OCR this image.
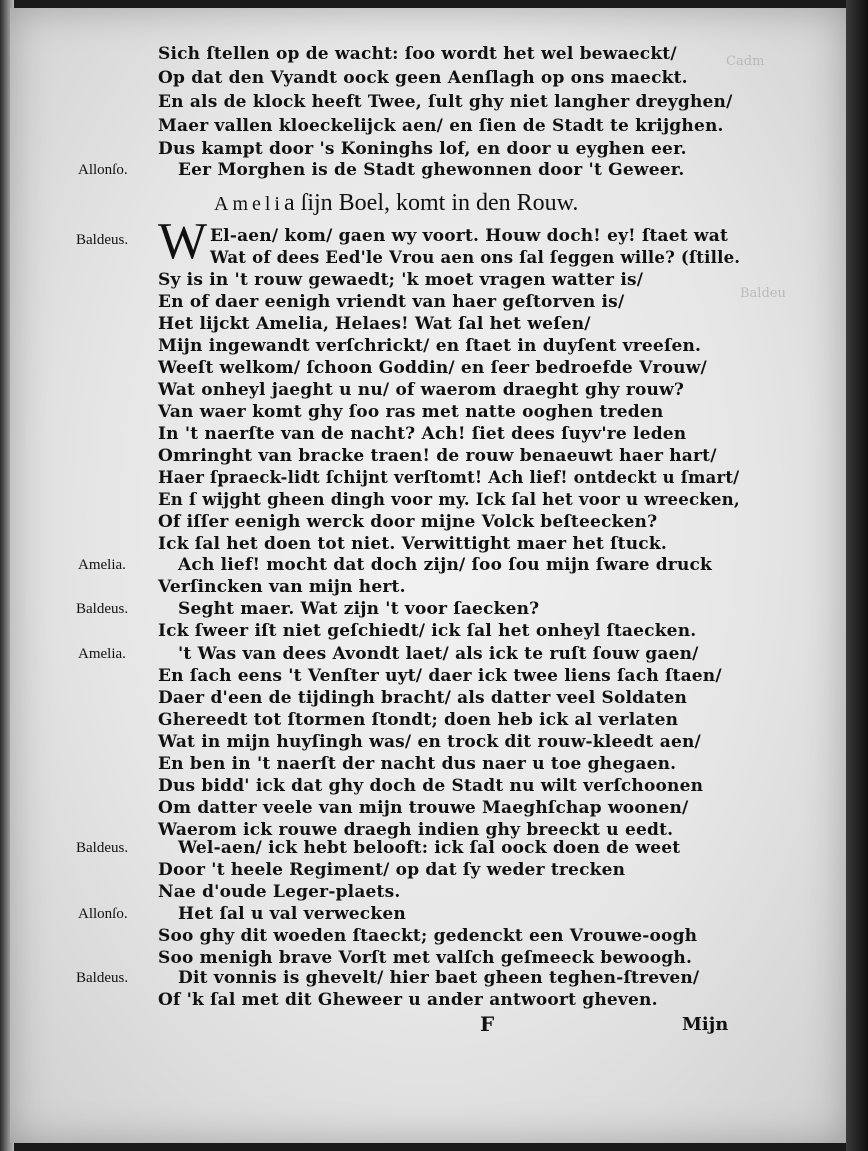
Cadm
Baldeu
Sich ſtellen op de wacht: ſoo wordt het wel bewaeckt/
Op dat den Vyandt oock geen Aenſlagh op ons maeckt.
En als de klock heeft Twee, ſult ghy niet langher dreyghen/
Maer vallen kloeckelijck aen/ en ſien de Stadt te krijghen.
Dus kampt door 's Koninghs lof, en door u eyghen eer.
Allonſo.	Eer Morghen is de Stadt ghewonnen door 't Geweer.
Amelia ſijn Boel, komt in den Rouw.
Baldeus. W El-aen/ kom/ gaen wy voort. Houw doch! ey! ſtaet wat
Wat of dees Eed'le Vrou aen ons ſal ſeggen wille? (ſtille.
Sy is in 't rouw gewaedt; 'k moet vragen watter is/
En of daer eenigh vriendt van haer geſtorven is/
Het lijckt Amelia, Helaes! Wat ſal het weſen/
Mijn ingewandt verſchrickt/ en ſtaet in duyſent vreeſen.
Weeſt welkom/ ſchoon Goddin/ en ſeer bedroefde Vrouw/
Wat onheyl jaeght u nu/ of waerom draeght ghy rouw?
Van waer komt ghy ſoo ras met natte ooghen treden
In 't naerſte van de nacht? Ach! ſiet dees ſuyv're leden
Omringht van bracke traen! de rouw benaeuwt haer hart/
Haer ſpraeck-lidt ſchijnt verſtomt! Ach lief! ontdeckt u ſmart/
En ſ wijght gheen dingh voor my. Ick ſal het voor u wreecken,
Of iſſer eenigh werck door mijne Volck beſteecken?
Ick ſal het doen tot niet. Verwittight maer het ſtuck.
Amelia.	Ach lief! mocht dat doch zijn/ ſoo ſou mijn ſware druck
Verſincken van mijn hert.
Baldeus.	Seght maer. Wat zijn 't voor ſaecken?
Ick ſweer iſt niet geſchiedt/ ick ſal het onheyl ſtaecken.
Amelia.	't Was van dees Avondt laet/ als ick te ruſt ſouw gaen/
En ſach eens 't Venſter uyt/ daer ick twee liens ſach ſtaen/
Daer d'een de tijdingh bracht/ als datter veel Soldaten
Ghereedt tot ſtormen ſtondt; doen heb ick al verlaten
Wat in mijn huyſingh was/ en trock dit rouw-kleedt aen/
En ben in 't naerſt der nacht dus naer u toe ghegaen.
Dus bidd' ick dat ghy doch de Stadt nu wilt verſchoonen
Om datter veele van mijn trouwe Maeghſchap woonen/
Waerom ick rouwe draegh indien ghy breeckt u eedt.
Baldeus.	Wel-aen/ ick hebt belooft: ick ſal oock doen de weet
Door 't heele Regiment/ op dat ſy weder trecken
Nae d'oude Leger-plaets.
Allonſo.	Het ſal u val verwecken
Soo ghy dit woeden ſtaeckt; gedenckt een Vrouwe-oogh
Soo menigh brave Vorſt met valſch geſmeeck bewoogh.
Baldeus.	Dit vonnis is ghevelt/ hier baet gheen teghen-ſtreven/
Of 'k ſal met dit Gheweer u ander antwoort gheven.
F	Mijn
